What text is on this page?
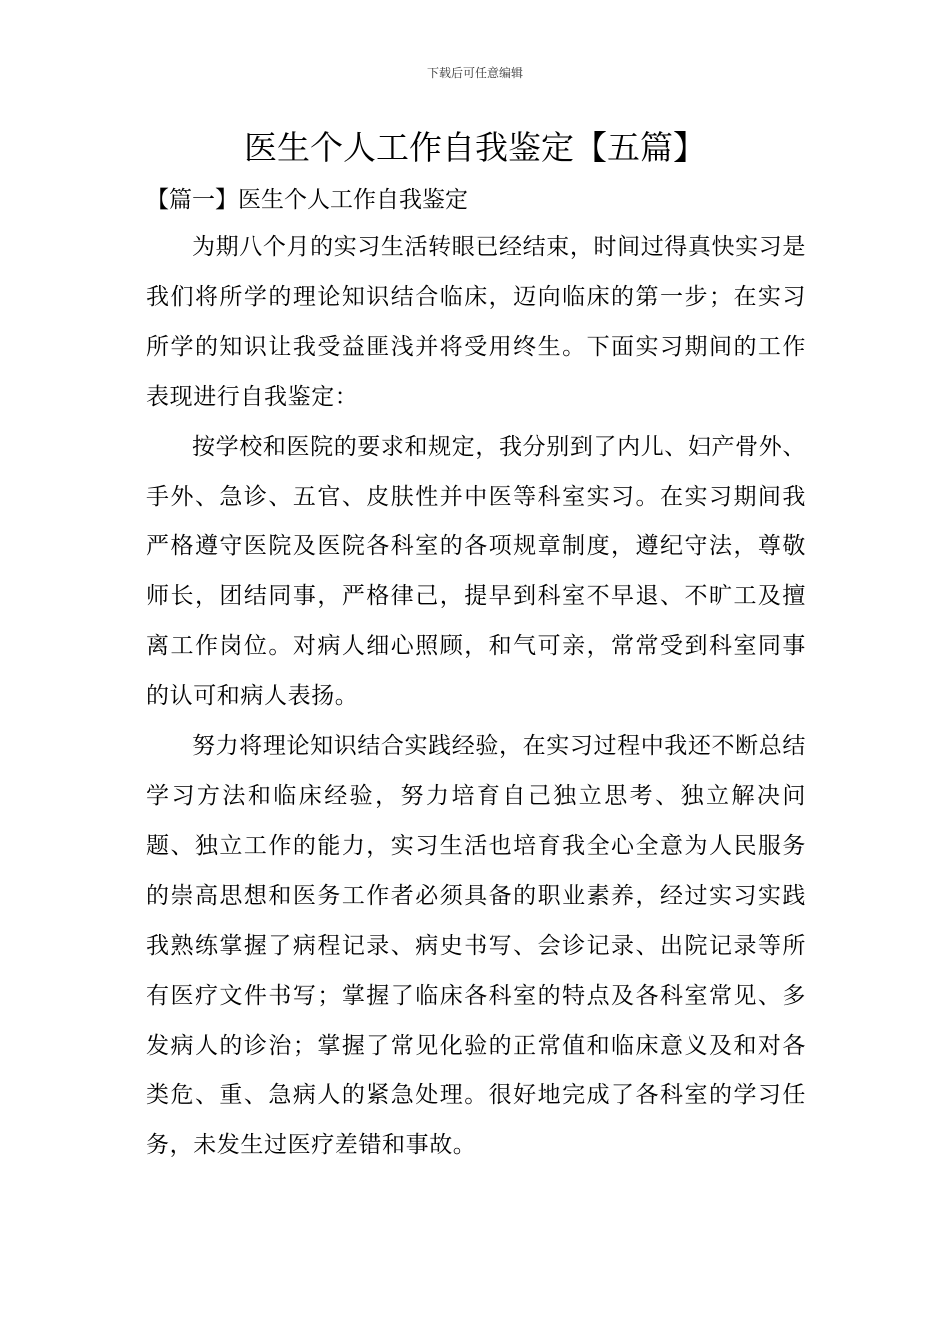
下载后可任意编辑
医生个人工作自我鉴定【五篇】
【篇一】医生个人工作自我鉴定

为期八个月的实习生活转眼已经结束，时间过得真快实习是我们将所学的理论知识结合临床，迈向临床的第一步；在实习所学的知识让我受益匪浅并将受用终生。下面实习期间的工作表现进行自我鉴定：

按学校和医院的要求和规定，我分别到了内儿、妇产骨外、手外、急诊、五官、皮肤性并中医等科室实习。在实习期间我严格遵守医院及医院各科室的各项规章制度，遵纪守法，尊敬师长，团结同事，严格律己，提早到科室不早退、不旷工及擅离工作岗位。对病人细心照顾，和气可亲，常常受到科室同事的认可和病人表扬。

努力将理论知识结合实践经验，在实习过程中我还不断总结学习方法和临床经验，努力培育自己独立思考、独立解决问题、独立工作的能力，实习生活也培育我全心全意为人民服务的崇高思想和医务工作者必须具备的职业素养，经过实习实践我熟练掌握了病程记录、病史书写、会诊记录、出院记录等所有医疗文件书写；掌握了临床各科室的特点及各科室常见、多发病人的诊治；掌握了常见化验的正常值和临床意义及和对各类危、重、急病人的紧急处理。很好地完成了各科室的学习任务，未发生过医疗差错和事故。
